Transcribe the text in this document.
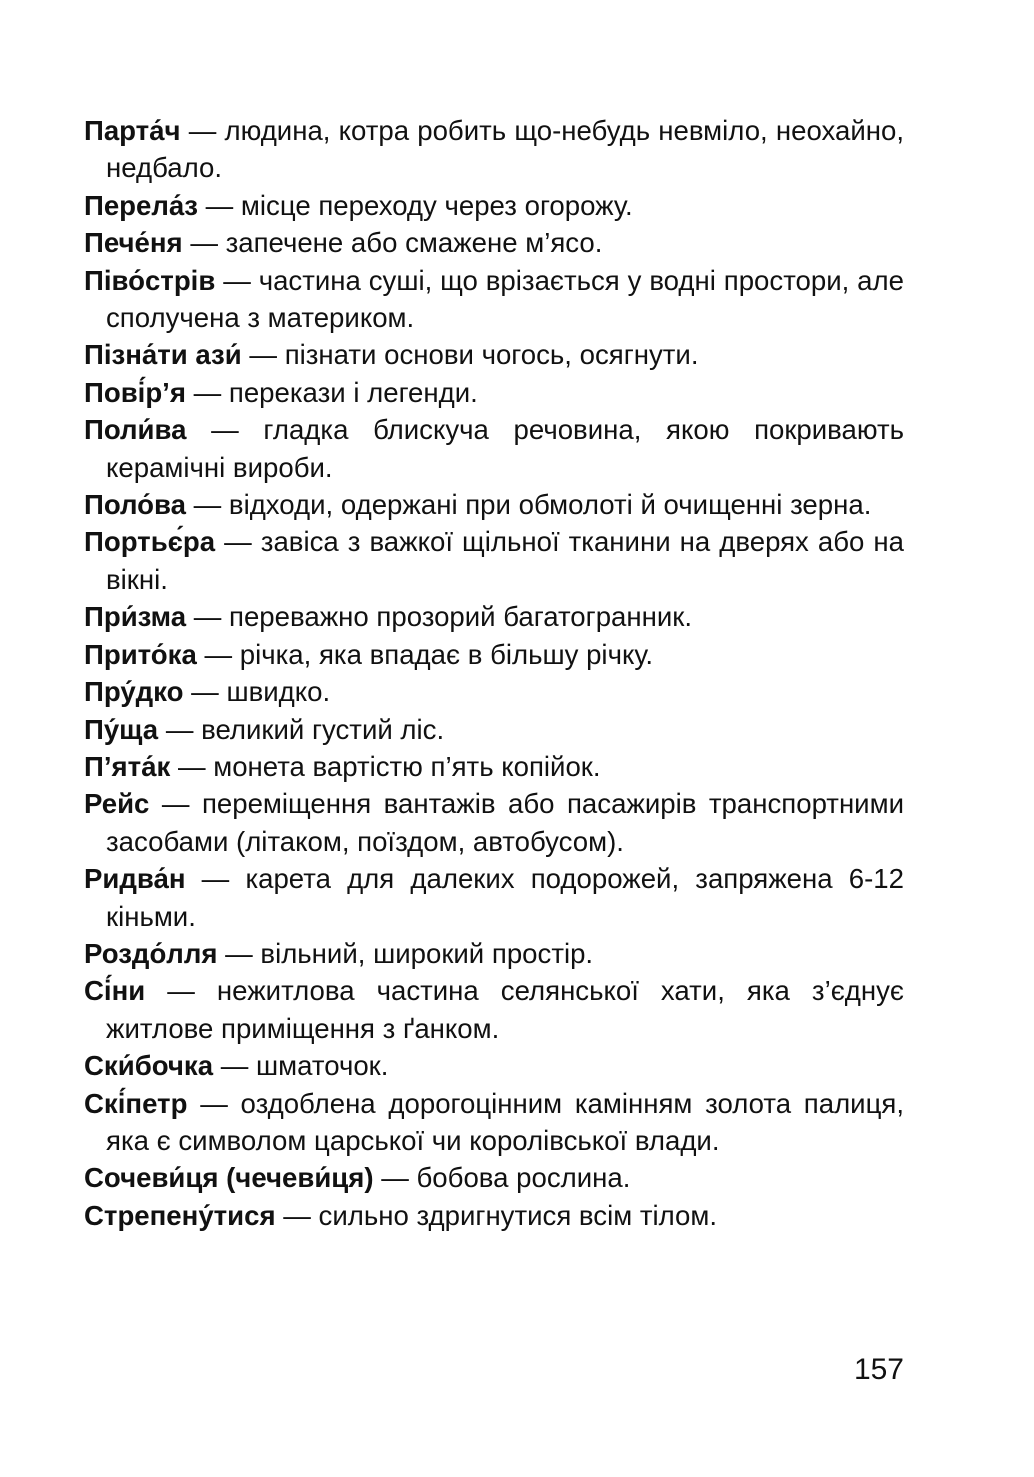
Парта́ч — людина, котра робить що-небудь невміло, неохайно, недбало.
Перела́з — місце переходу через огорожу.
Пече́ня — запечене або смажене м’ясо.
Піво́стрів — частина суші, що врізається у водні простори, але сполучена з материком.
Пізна́ти ази́ — пізнати основи чогось, осягнути.
Пові́р’я — перекази і легенди.
Поли́ва — гладка блискуча речовина, якою покривають керамічні вироби.
Поло́ва — відходи, одержані при обмолоті й очищенні зерна.
Портьє́ра — завіса з важкої щільної тканини на дверях або на вікні.
При́зма — переважно прозорий багатогранник.
Прито́ка — річка, яка впадає в більшу річку.
Пру́дко — швидко.
Пу́ща — великий густий ліс.
П’ята́к — монета вартістю п’ять копійок.
Рейс — переміщення вантажів або пасажирів транспортними засобами (літаком, поїздом, автобусом).
Ридва́н — карета для далеких подорожей, запряжена 6-12 кіньми.
Роздо́лля — вільний, широкий простір.
Сі́ни — нежитлова частина селянської хати, яка з’єднує житлове приміщення з ґанком.
Ски́бочка — шматочок.
Скі́петр — оздоблена дорогоцінним камінням золота палиця, яка є символом царської чи королівської влади.
Сочеви́ця (чечеви́ця) — бобова рослина.
Стрепену́тися — сильно здригнутися всім тілом.
157
